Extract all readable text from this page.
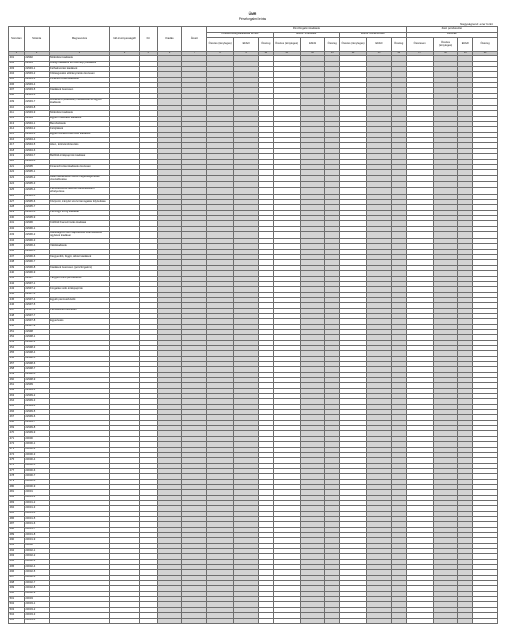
ÜMR
Pénzforgalmi leírás
Nagyságrend: ezer forint
Sorszám	Számla	Megnevezés	Idő érvényességtől	Fő	Kiadás	Átvett	Pénzforgalmi kiadások									Záró pénzkészlet			
							Kötelezettségvállalással terhelt			Ebből: működési			Ebből: felhalmozási			Devizák			
							Összes (tényleges)	Ebből	Összeg	Összes (tényleges)	Ebből	Összeg	Összes (tényleges)	Ebből	Összeg	Összesen	Összes (tényleges)	Ebből	Összeg
1	2	3	4	5	6	7	8	9	10	11	12	13	14	15	16	17	18	19	20
401	22992	Működési kiadások																	
402	22993	Dologi kiadások és személyi juttatások																	
403	22993-1	Felhalmozási kiadások																	
404	22993-2	Költségvetési előirányzatok összesen																	
405	22993-3	Finanszírozási kiadások																	
406	22993-4																		
407	22993-5	Kiadások összesen																	
408	22993-6																		
409	22993-7	Rovatrend (kiadások) hitelfelvétel és egyéb kiadások																	
410	22993-8																		
411	22993-9	Működési kiadások																	
412	22994	Egyéb működési kiadások																	
413	22994-1	Beruházások																	
414	22994-2	Felújítások																	
415	22994-3	Egyéb felhalmozási célú kiadások																	
416	22994-4																		
417	22994-5	Hitel-, kölcsöntörlesztés																	
418	22994-6																		
419	22994-7	Belföldi értékpapírok kiadásai																	
420	22994-8																		
421	22995	Finanszírozási kiadások összesen																	
422	22995-1																		
423	22995-2	Államháztartáson belüli megelőlegezések visszafizetése																	
424	22995-3																		
425	22995-4	Pénzeszközök lekötött bankbetétként elhelyezése																	
426	22995-5																		
427	22995-6	Központi, irányító szervi támogatás folyósítása																	
428	22995-7																		
429	22995-8	Pénzügyi lízing kiadásai																	
430	22995-9																		
431	22996	Külföldi finanszírozás kiadásai																	
432	22996-1																		
433	22996-2	Adóssághoz nem kapcsolódó származékos ügyletek kiadásai																	
434	22996-3																		
435	22996-4	Váltókiadások																	
436	22996-5																		
437	22996-6	Kiegyenlítő, függő, átfutó kiadások																	
438	22996-7																		
439	22996-8	Kiadások összesen (pénzforgalom)																	
440	22996-9																		
441	22997	Tárgyévi záró pénzkészlet																	
442	22997-1																		
443	22997-2	Forgatási célú értékpapírok																	
444	22997-3																		
445	22997-4	Egyéb pénzeszközök																	
446	22997-5																		
447	22997-6	Pénzkészlet összesen																	
448	22997-7																		
449	22997-8	Egyeztetés																	
450	22997-9																		
451	22998																		
452	22998-1																		
453	22998-2																		
454	22998-3																		
455	22998-4																		
456	22998-5																		
457	22998-6																		
458	22998-7																		
459	22998-8																		
460	22998-9																		
461	22999																		
462	22999-1																		
463	22999-2																		
464	22999-3																		
465	22999-4																		
466	22999-5																		
467	22999-6																		
468	22999-7																		
469	22999-8																		
470	22999-9																		
471	23000																		
472	23000-1																		
473	23000-2																		
474	23000-3																		
475	23000-4																		
476	23000-5																		
477	23000-6																		
478	23000-7																		
479	23000-8																		
480	23000-9																		
481	23001																		
482	23001-1																		
483	23001-2																		
484	23001-3																		
485	23001-4																		
486	23001-5																		
487	23001-6																		
488	23001-7																		
489	23001-8																		
490	23001-9																		
491	23002																		
492	23002-1																		
493	23002-2																		
494	23002-3																		
495	23002-4																		
496	23002-5																		
497	23002-6																		
498	23002-7																		
499	23002-8																		
500	23002-9																		
501	23003																		
502	23003-1																		
503	23003-2																		
504	23003-3																		
505	23003-4																		
